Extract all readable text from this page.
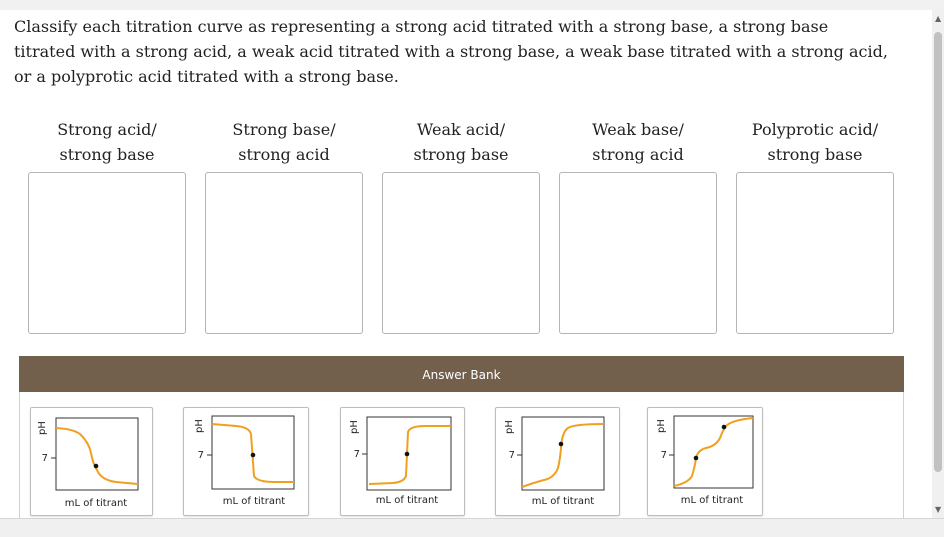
Classify each titration curve as representing a strong acid titrated with a strong base, a strong base titrated with a strong acid, a weak acid titrated with a strong base, a weak base titrated with a strong acid, or a polyprotic acid titrated with a strong base.
Strong acid/
strong base
Strong base/
strong acid
Weak acid/
strong base
Weak base/
strong acid
Polyprotic acid/
strong base
Answer Bank
pH
7
mL of titrant
pH
7
mL of titrant
pH
7
mL of titrant
pH
7
mL of titrant
pH
7
mL of titrant
▲
▼
